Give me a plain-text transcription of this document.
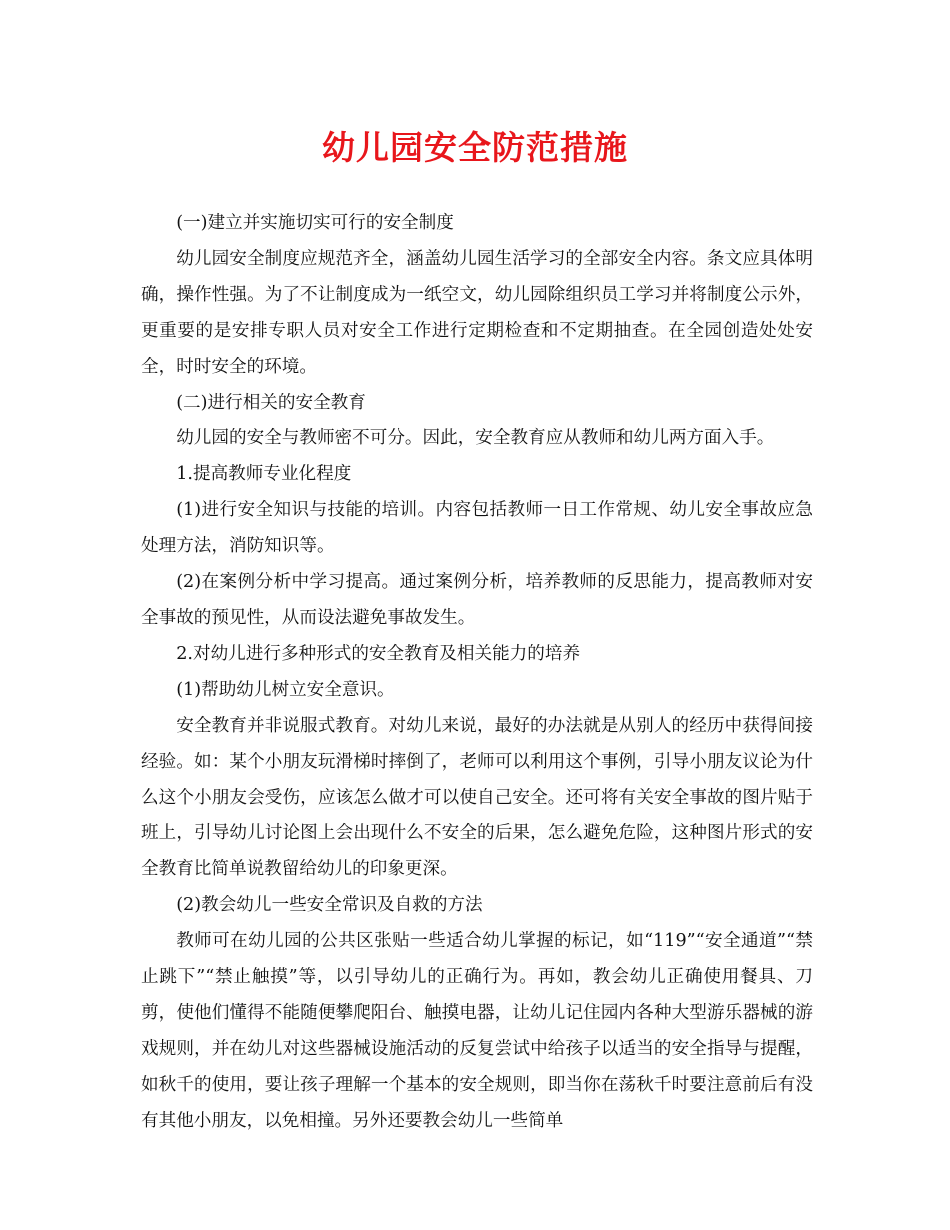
幼儿园安全防范措施

(一)建立并实施切实可行的安全制度

幼儿园安全制度应规范齐全，涵盖幼儿园生活学习的全部安全内容。条文应具体明确，操作性强。为了不让制度成为一纸空文，幼儿园除组织员工学习并将制度公示外，更重要的是安排专职人员对安全工作进行定期检查和不定期抽查。在全园创造处处安全，时时安全的环境。

(二)进行相关的安全教育

幼儿园的安全与教师密不可分。因此，安全教育应从教师和幼儿两方面入手。

1.提高教师专业化程度

(1)进行安全知识与技能的培训。内容包括教师一日工作常规、幼儿安全事故应急处理方法，消防知识等。

(2)在案例分析中学习提高。通过案例分析，培养教师的反思能力，提高教师对安全事故的预见性，从而设法避免事故发生。

2.对幼儿进行多种形式的安全教育及相关能力的培养

(1)帮助幼儿树立安全意识。

安全教育并非说服式教育。对幼儿来说，最好的办法就是从别人的经历中获得间接经验。如：某个小朋友玩滑梯时摔倒了，老师可以利用这个事例，引导小朋友议论为什么这个小朋友会受伤，应该怎么做才可以使自己安全。还可将有关安全事故的图片贴于班上，引导幼儿讨论图上会出现什么不安全的后果，怎么避免危险，这种图片形式的安全教育比简单说教留给幼儿的印象更深。

(2)教会幼儿一些安全常识及自救的方法

教师可在幼儿园的公共区张贴一些适合幼儿掌握的标记，如“119”“安全通道”“禁止跳下”“禁止触摸”等，以引导幼儿的正确行为。再如，教会幼儿正确使用餐具、刀剪，使他们懂得不能随便攀爬阳台、触摸电器，让幼儿记住园内各种大型游乐器械的游戏规则，并在幼儿对这些器械设施活动的反复尝试中给孩子以适当的安全指导与提醒，如秋千的使用，要让孩子理解一个基本的安全规则，即当你在荡秋千时要注意前后有没有其他小朋友，以免相撞。另外还要教会幼儿一些简单
